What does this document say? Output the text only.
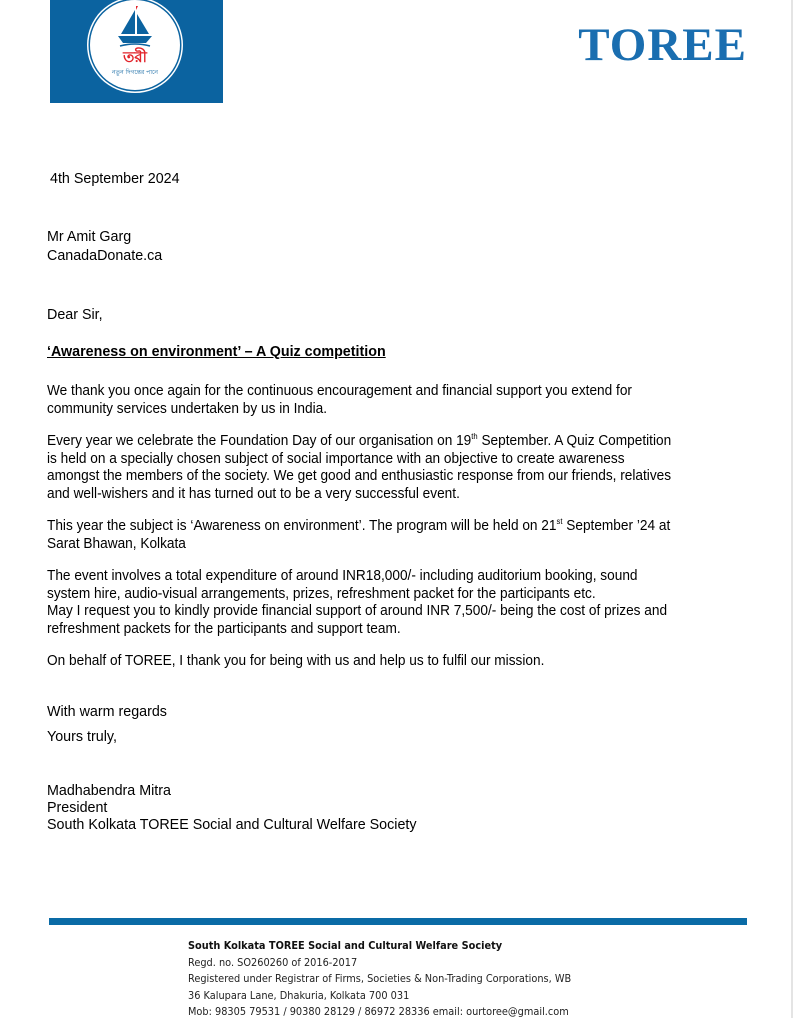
তরী
নতুন দিগন্তের পানে
TOREE
4th September 2024
Mr Amit Garg
CanadaDonate.ca
Dear Sir,
‘Awareness on environment’ – A Quiz competition

We thank you once again for the continuous encouragement and financial support you extend for

community services undertaken by us in India.

Every year we celebrate the Foundation Day of our organisation on 19th September. A Quiz Competition

is held on a specially chosen subject of social importance with an objective to create awareness

amongst the members of the society. We get good and enthusiastic response from our friends, relatives

and well-wishers and it has turned out to be a very successful event.

This year the subject is ‘Awareness on environment’. The program will be held on 21st September ’24 at

Sarat Bhawan, Kolkata

The event involves a total expenditure of around INR18,000/- including auditorium booking, sound

system hire, audio-visual arrangements, prizes, refreshment packet for the participants etc.

May I request you to kindly provide financial support of around INR 7,500/- being the cost of prizes and

refreshment packets for the participants and support team.

On behalf of TOREE, I thank you for being with us and help us to fulfil our mission.

With warm regards
Yours truly,
Madhabendra Mitra
President
South Kolkata TOREE Social and Cultural Welfare Society
South Kolkata TOREE Social and Cultural Welfare Society
Regd. no. SO260260 of 2016-2017
Registered under Registrar of Firms, Societies & Non-Trading Corporations, WB
36 Kalupara Lane, Dhakuria, Kolkata 700 031
Mob: 98305 79531 / 90380 28129 / 86972 28336 email: ourtoree@gmail.com
